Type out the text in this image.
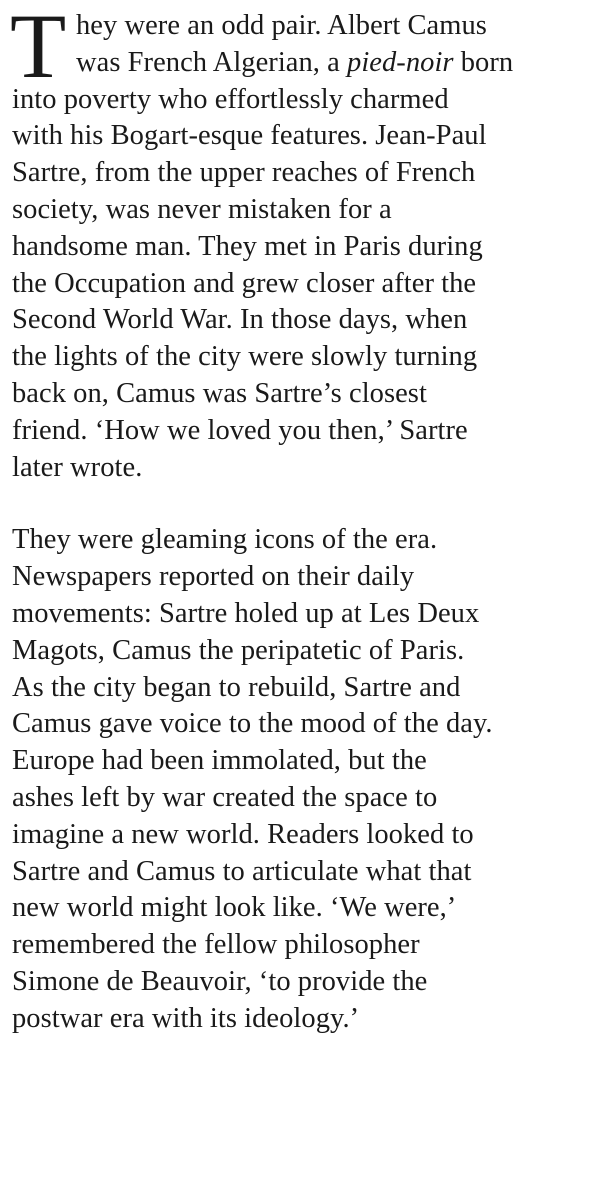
T hey were an odd pair. Albert Camus
was French Algerian, a pied-noir born
into poverty who effortlessly charmed
with his Bogart-esque features. Jean-Paul
Sartre, from the upper reaches of French
society, was never mistaken for a
handsome man. They met in Paris during
the Occupation and grew closer after the
Second World War. In those days, when
the lights of the city were slowly turning
back on, Camus was Sartre’s closest
friend. ‘How we loved you then,’ Sartre
later wrote.
They were gleaming icons of the era.
Newspapers reported on their daily
movements: Sartre holed up at Les Deux
Magots, Camus the peripatetic of Paris.
As the city began to rebuild, Sartre and
Camus gave voice to the mood of the day.
Europe had been immolated, but the
ashes left by war created the space to
imagine a new world. Readers looked to
Sartre and Camus to articulate what that
new world might look like. ‘We were,’
remembered the fellow philosopher
Simone de Beauvoir, ‘to provide the
postwar era with its ideology.’
